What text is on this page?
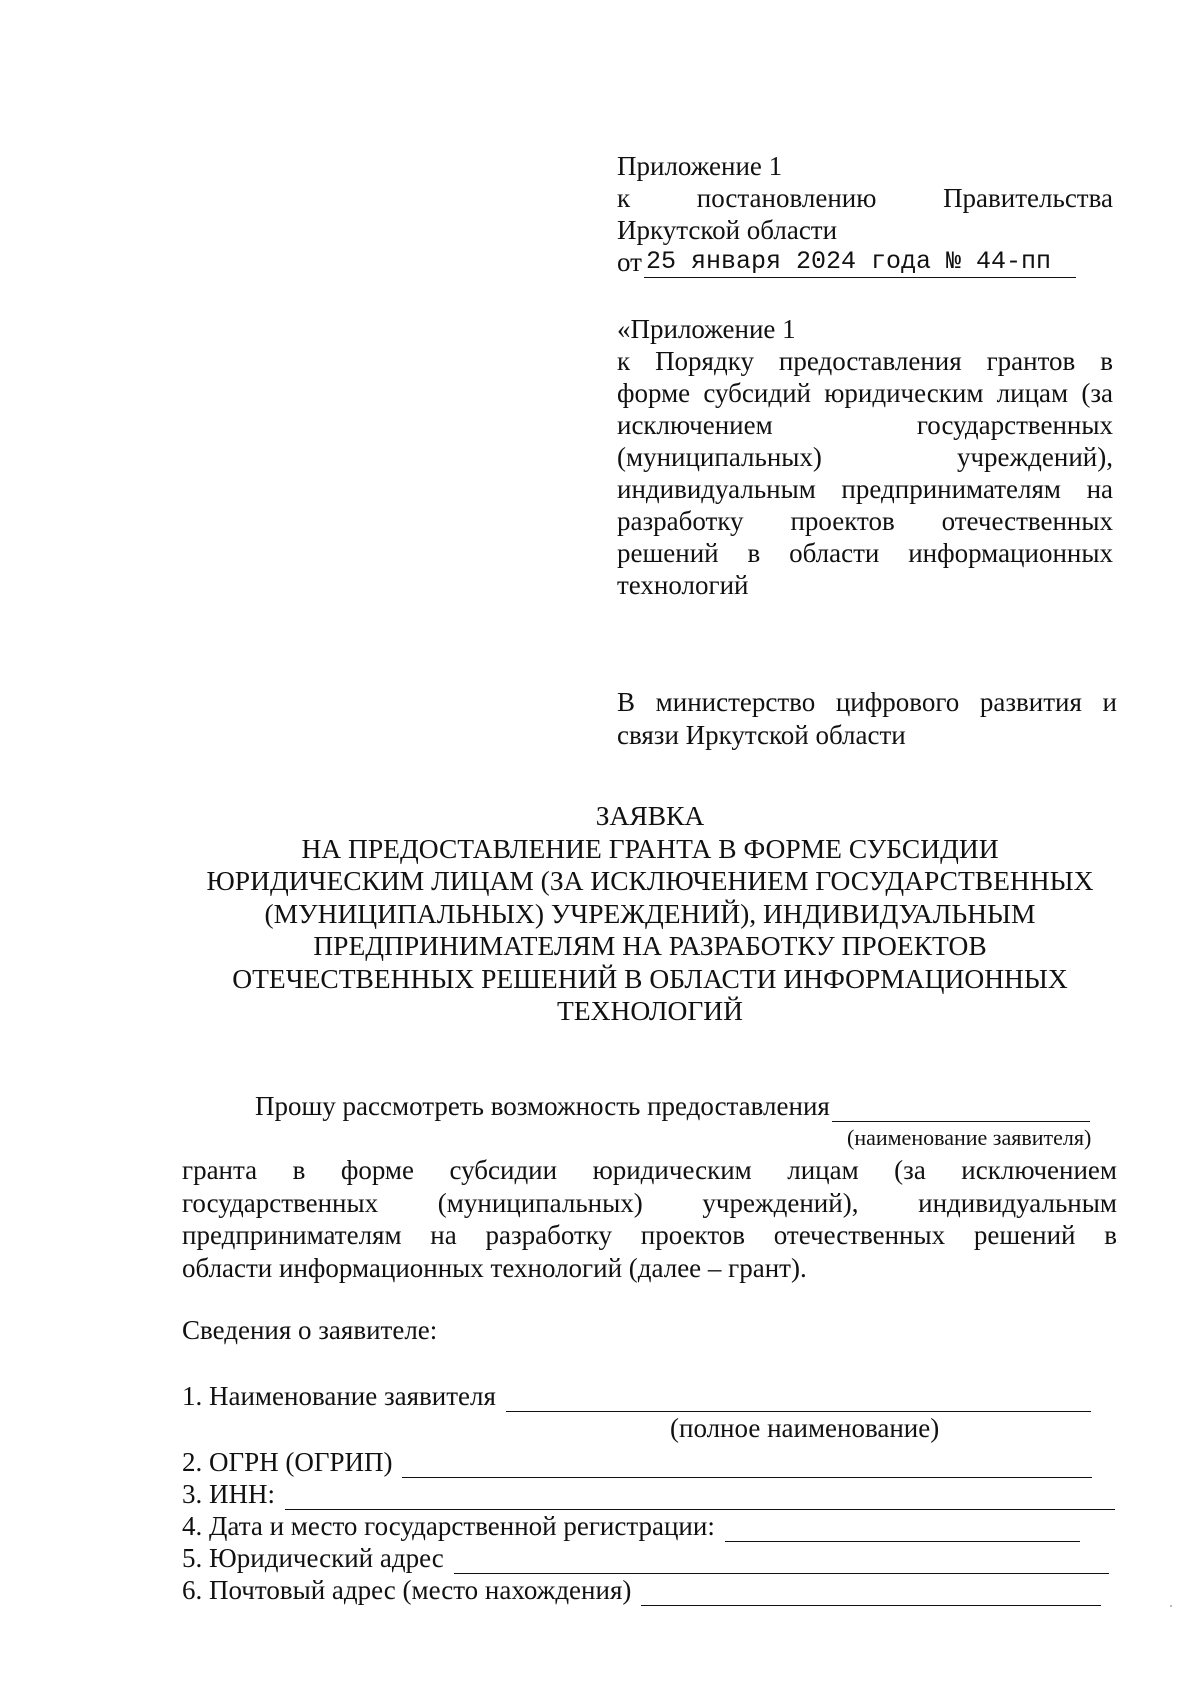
Приложение 1
к постановлению Правительства
Иркутской области
от 25 января 2024 года № 44-пп
«Приложение 1
к Порядку предоставления грантов в
форме субсидий юридическим лицам (за
исключением государственных
(муниципальных) учреждений),
индивидуальным предпринимателям на
разработку проектов отечественных
решений в области информационных
технологий
В министерство цифрового развития и
связи Иркутской области
ЗАЯВКА
НА ПРЕДОСТАВЛЕНИЕ ГРАНТА В ФОРМЕ СУБСИДИИ
ЮРИДИЧЕСКИМ ЛИЦАМ (ЗА ИСКЛЮЧЕНИЕМ ГОСУДАРСТВЕННЫХ
(МУНИЦИПАЛЬНЫХ) УЧРЕЖДЕНИЙ), ИНДИВИДУАЛЬНЫМ
ПРЕДПРИНИМАТЕЛЯМ НА РАЗРАБОТКУ ПРОЕКТОВ
ОТЕЧЕСТВЕННЫХ РЕШЕНИЙ В ОБЛАСТИ ИНФОРМАЦИОННЫХ
ТЕХНОЛОГИЙ
Прошу рассмотреть возможность предоставления
(наименование заявителя)
гранта в форме субсидии юридическим лицам (за исключением
государственных (муниципальных) учреждений), индивидуальным
предпринимателям на разработку проектов отечественных решений в
области информационных технологий (далее – грант).
Сведения о заявителе:
1. Наименование заявителя
2. ОГРН (ОГРИП)
3. ИНН:
4. Дата и место государственной регистрации:
5. Юридический адрес
6. Почтовый адрес (место нахождения)
(полное наименование)
